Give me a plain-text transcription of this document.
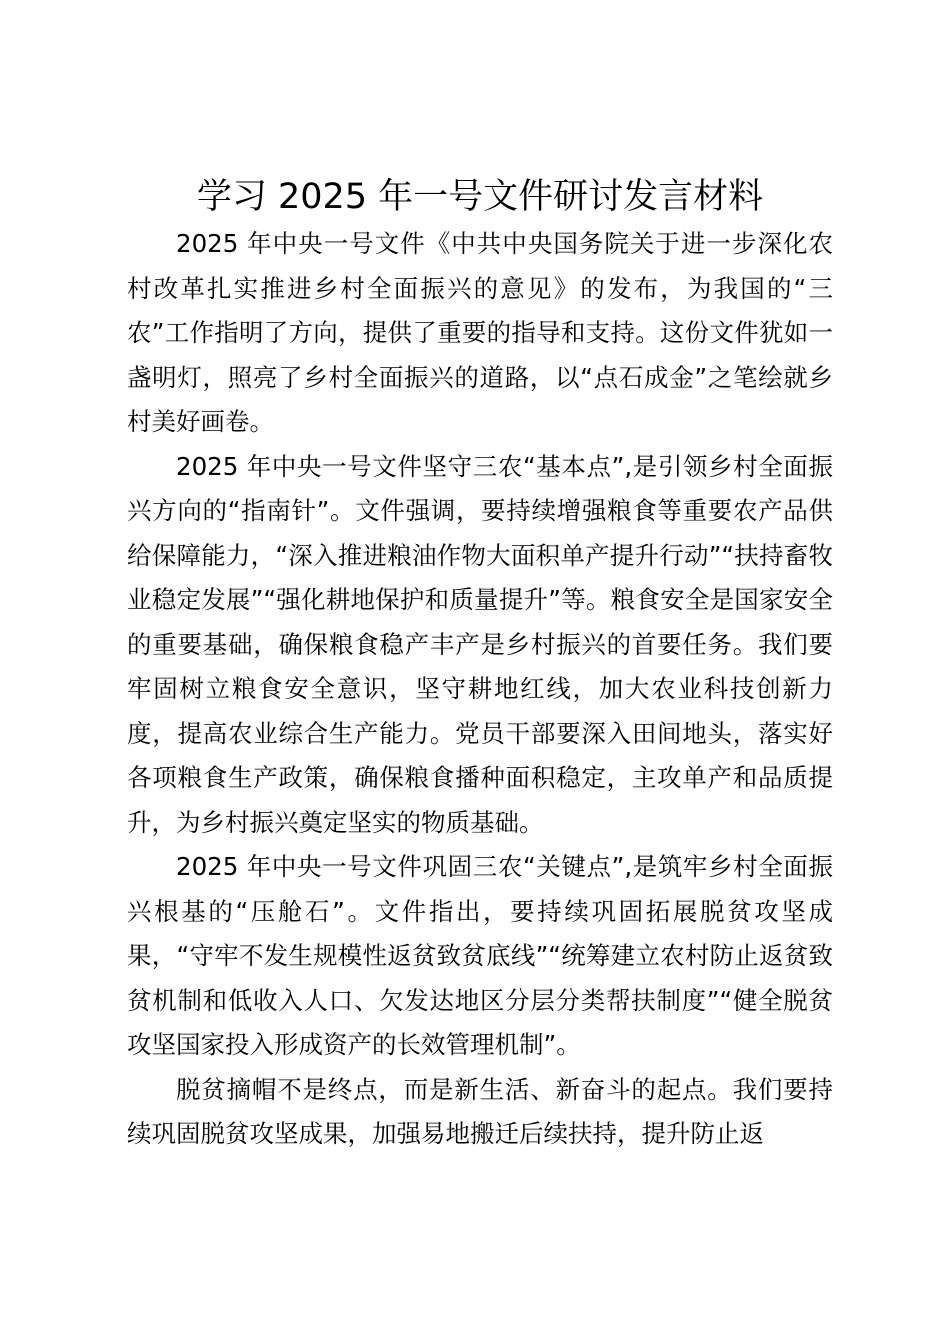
学习 2025 年一号文件研讨发言材料

2025 年中央一号文件《中共中央国务院关于进一步深化农村改革扎实推进乡村全面振兴的意见》的发布，为我国的“三农”工作指明了方向，提供了重要的指导和支持。这份文件犹如一盏明灯，照亮了乡村全面振兴的道路，以“点石成金”之笔绘就乡村美好画卷。

2025 年中央一号文件坚守三农“基本点”,是引领乡村全面振兴方向的“指南针”。文件强调，要持续增强粮食等重要农产品供给保障能力，“深入推进粮油作物大面积单产提升行动”“扶持畜牧业稳定发展”“强化耕地保护和质量提升”等。粮食安全是国家安全的重要基础，确保粮食稳产丰产是乡村振兴的首要任务。我们要牢固树立粮食安全意识，坚守耕地红线，加大农业科技创新力度，提高农业综合生产能力。党员干部要深入田间地头，落实好各项粮食生产政策，确保粮食播种面积稳定，主攻单产和品质提升，为乡村振兴奠定坚实的物质基础。

2025 年中央一号文件巩固三农“关键点”,是筑牢乡村全面振兴根基的“压舱石”。文件指出，要持续巩固拓展脱贫攻坚成果，“守牢不发生规模性返贫致贫底线”“统筹建立农村防止返贫致贫机制和低收入人口、欠发达地区分层分类帮扶制度”“健全脱贫攻坚国家投入形成资产的长效管理机制”。

脱贫摘帽不是终点，而是新生活、新奋斗的起点。我们要持续巩固脱贫攻坚成果，加强易地搬迁后续扶持，提升防止返
